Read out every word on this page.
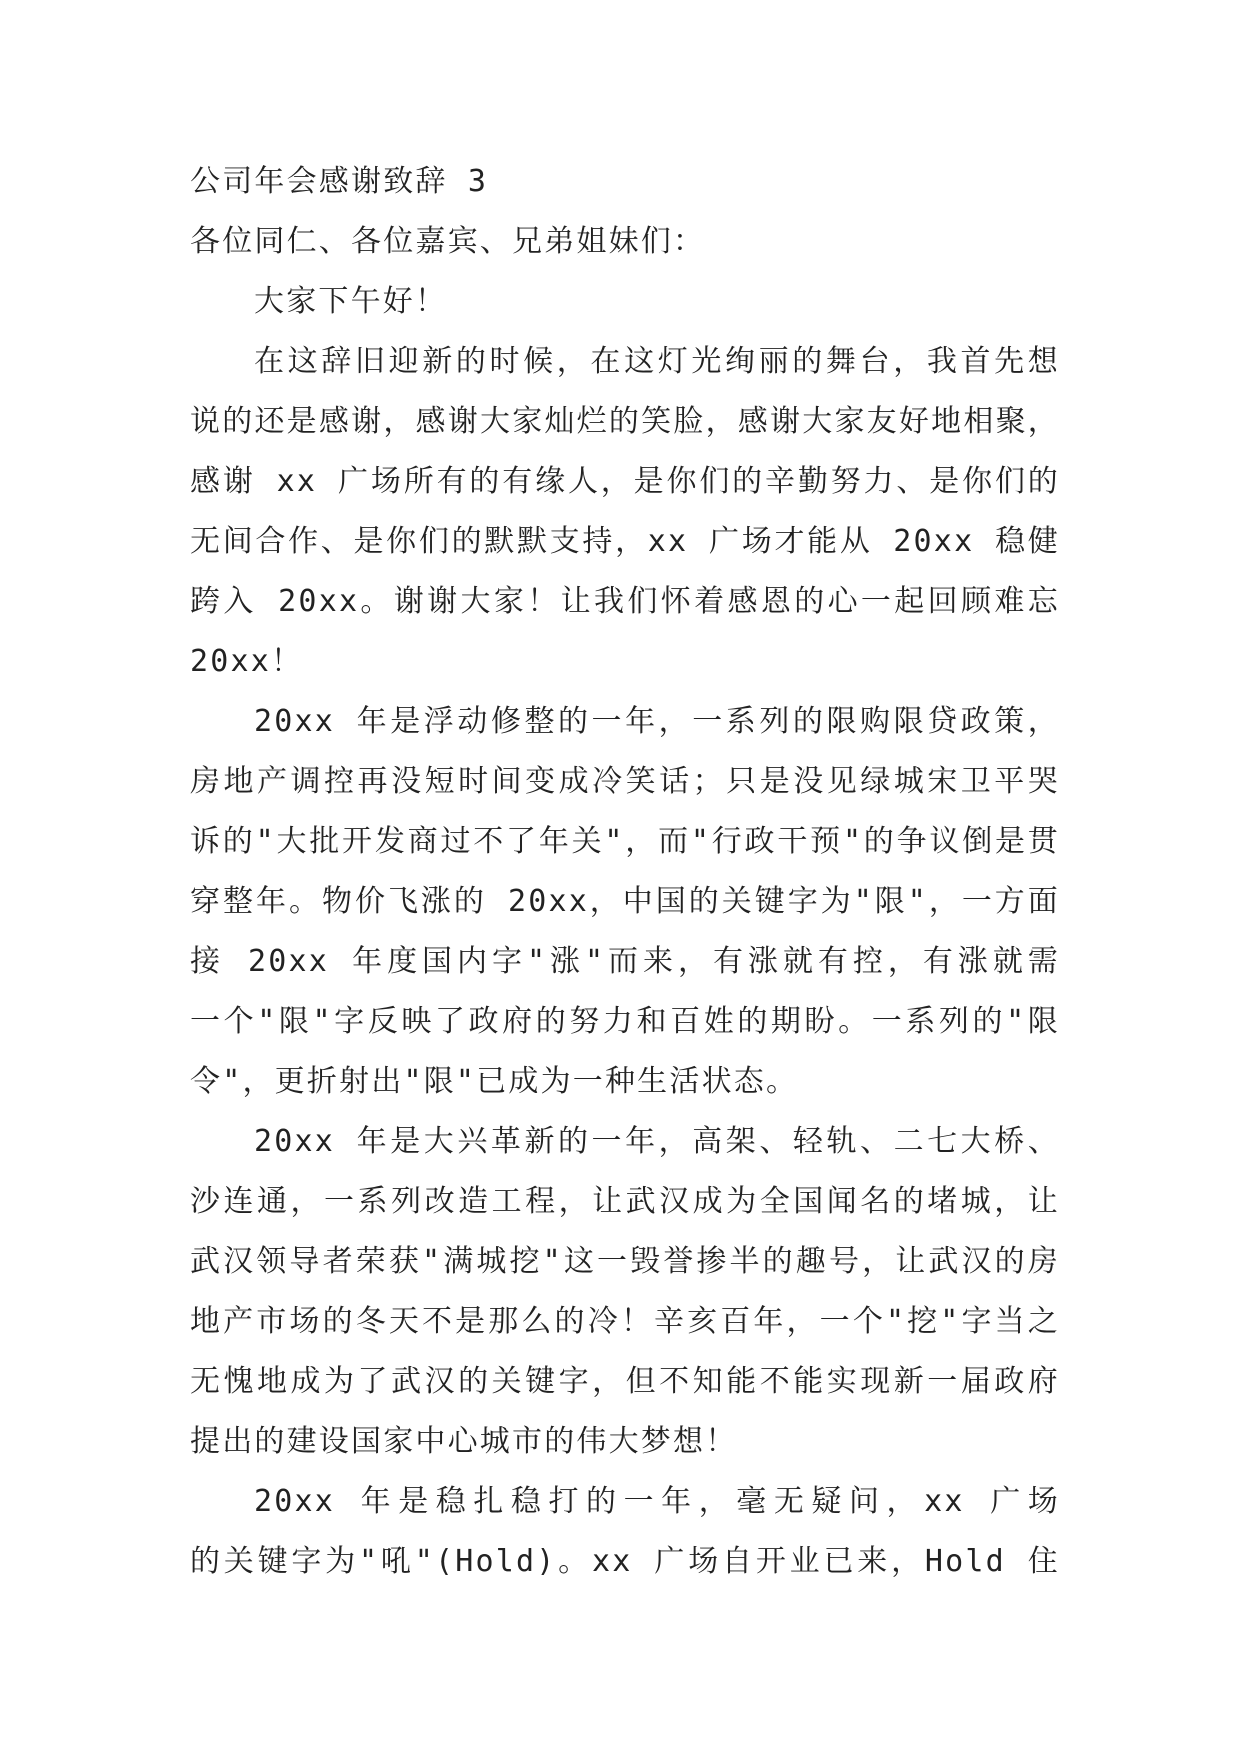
公司年会感谢致辞 3
各位同仁、各位嘉宾、兄弟姐妹们：
大家下午好！
在这辞旧迎新的时候，在这灯光绚丽的舞台，我首先想
说的还是感谢，感谢大家灿烂的笑脸，感谢大家友好地相聚，
感谢 xx 广场所有的有缘人，是你们的辛勤努力、是你们的
无间合作、是你们的默默支持，xx 广场才能从 20xx 稳健
跨入 20xx。谢谢大家！让我们怀着感恩的心一起回顾难忘
20xx！
20xx 年是浮动修整的一年，一系列的限购限贷政策，
房地产调控再没短时间变成冷笑话；只是没见绿城宋卫平哭
诉的"大批开发商过不了年关"，而"行政干预"的争议倒是贯
穿整年。物价飞涨的 20xx，中国的关键字为"限"，一方面
接 20xx 年度国内字"涨"而来，有涨就有控，有涨就需
一个"限"字反映了政府的努力和百姓的期盼。一系列的"限
令"，更折射出"限"已成为一种生活状态。
20xx 年是大兴革新的一年，高架、轻轨、二七大桥、
沙连通，一系列改造工程，让武汉成为全国闻名的堵城，让
武汉领导者荣获"满城挖"这一毁誉掺半的趣号，让武汉的房
地产市场的冬天不是那么的冷！辛亥百年，一个"挖"字当之
无愧地成为了武汉的关键字，但不知能不能实现新一届政府
提出的建设国家中心城市的伟大梦想！
20xx 年是稳扎稳打的一年，毫无疑问，xx 广场
的关键字为"吼"(Hold)。xx 广场自开业已来，Hold 住
